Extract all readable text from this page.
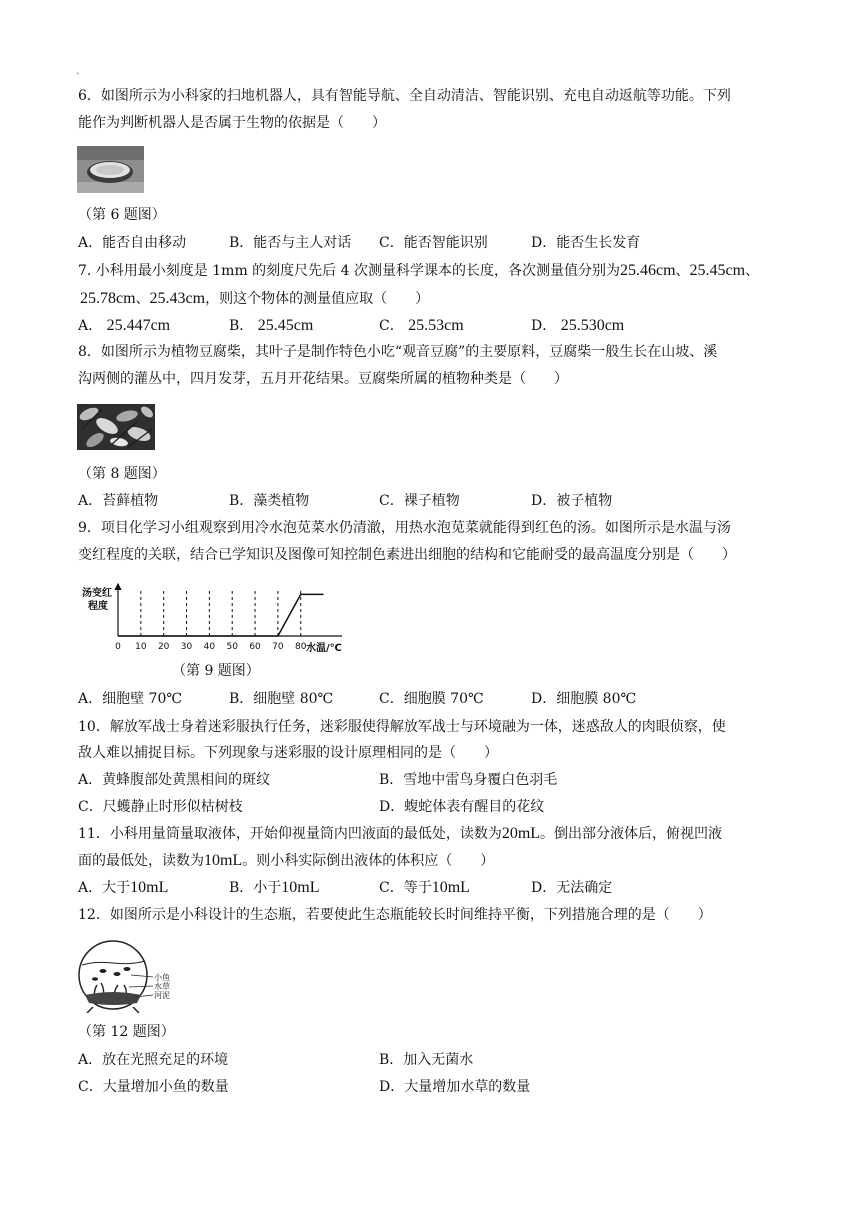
.
6．如图所示为小科家的扫地机器人，具有智能导航、全自动清洁、智能识别、充电自动返航等功能。下列
能作为判断机器人是否属于生物的依据是（　　）
（第 6 题图）
A．能否自由移动	B．能否与主人对话 C．能否智能识别	D．能否生长发育
7. 小科用最小刻度是 1mm 的刻度尺先后 4 次测量科学课本的长度，各次测量值分别为25.46cm、25.45cm、
25.78cm、25.43cm，则这个物体的测量值应取（　　）
A． 25.447cm	B． 25.45cm	C． 25.53cm	D． 25.530cm
8．如图所示为植物豆腐柴，其叶子是制作特色小吃“观音豆腐”的主要原料，豆腐柴一般生长在山坡、溪
沟两侧的灌丛中，四月发芽，五月开花结果。豆腐柴所属的植物种类是（　　）
（第 8 题图）
A．苔藓植物	B．藻类植物	C．裸子植物	D．被子植物
9．项目化学习小组观察到用冷水泡苋菜水仍清澈，用热水泡苋菜就能得到红色的汤。如图所示是水温与汤
变红程度的关联，结合已学知识及图像可知控制色素进出细胞的结构和它能耐受的最高温度分别是（　　）
汤变红
程度
水温/℃
0 10 20 30 40 50 60 70 80
（第 9 题图）
A．细胞壁 70℃	B．细胞壁 80℃	C．细胞膜 70℃	D．细胞膜 80℃
10．解放军战士身着迷彩服执行任务，迷彩服使得解放军战士与环境融为一体，迷惑敌人的肉眼侦察，使
敌人难以捕捉目标。下列现象与迷彩服的设计原理相同的是（　　）
A．黄蜂腹部处黄黑相间的斑纹	B．雪地中雷鸟身覆白色羽毛
C．尺蠖静止时形似枯树枝	D．蝮蛇体表有醒目的花纹
11．小科用量筒量取液体，开始仰视量筒内凹液面的最低处，读数为20mL。倒出部分液体后，俯视凹液
面的最低处，读数为10mL。则小科实际倒出液体的体积应（　　）
A．大于10mL	B．小于10mL	C．等于10mL	D．无法确定
12．如图所示是小科设计的生态瓶，若要使此生态瓶能较长时间维持平衡，下列措施合理的是（　　）
小鱼
水草
河泥
（第 12 题图）
A．放在光照充足的环境	B．加入无菌水
C．大量增加小鱼的数量	D．大量增加水草的数量
